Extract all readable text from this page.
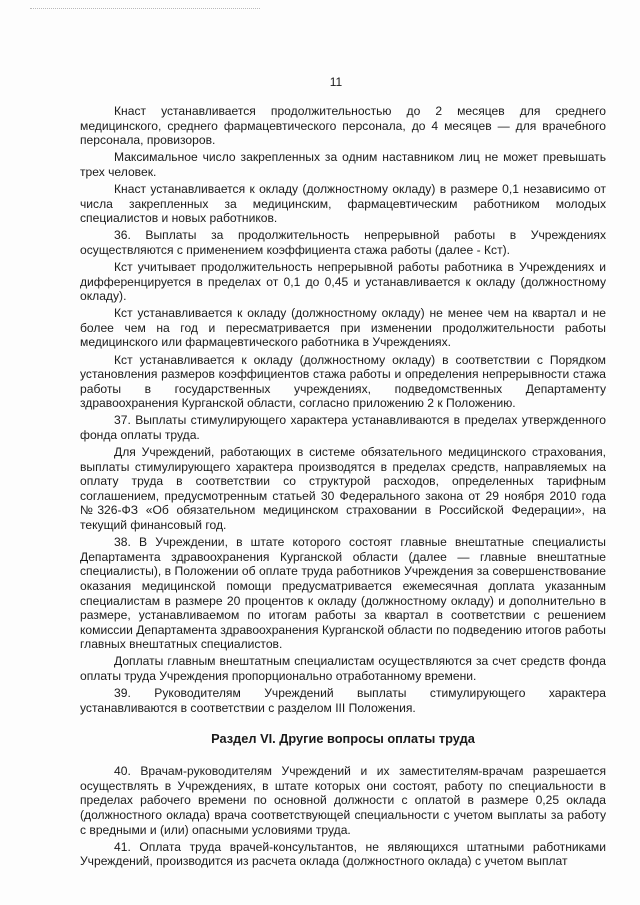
11

Кнаст устанавливается продолжительностью до 2 месяцев для среднего медицинского, среднего фармацевтического персонала, до 4 месяцев — для врачебного персонала, провизоров.

Максимальное число закрепленных за одним наставником лиц не может превышать трех человек.

Кнаст устанавливается к окладу (должностному окладу) в размере 0,1 независимо от числа закрепленных за медицинским, фармацевтическим работником молодых специалистов и новых работников.

36. Выплаты за продолжительность непрерывной работы в Учреждениях осуществляются с применением коэффициента стажа работы (далее - Кст).

Кст учитывает продолжительность непрерывной работы работника в Учреждениях и дифференцируется в пределах от 0,1 до 0,45 и устанавливается к окладу (должностному окладу).

Кст устанавливается к окладу (должностному окладу) не менее чем на квартал и не более чем на год и пересматривается при изменении продолжительности работы медицинского или фармацевтического работника в Учреждениях.

Кст устанавливается к окладу (должностному окладу) в соответствии с Порядком установления размеров коэффициентов стажа работы и определения непрерывности стажа работы в государственных учреждениях, подведомственных Департаменту здравоохранения Курганской области, согласно приложению 2 к Положению.

37. Выплаты стимулирующего характера устанавливаются в пределах утвержденного фонда оплаты труда.

Для Учреждений, работающих в системе обязательного медицинского страхования, выплаты стимулирующего характера производятся в пределах средств, направляемых на оплату труда в соответствии со структурой расходов, определенных тарифным соглашением, предусмотренным статьей 30 Федерального закона от 29 ноября 2010 года №326-ФЗ «Об обязательном медицинском страховании в Российской Федерации», на текущий финансовый год.

38. В Учреждении, в штате которого состоят главные внештатные специалисты Департамента здравоохранения Курганской области (далее — главные внештатные специалисты), в Положении об оплате труда работников Учреждения за совершенствование оказания медицинской помощи предусматривается ежемесячная доплата указанным специалистам в размере 20 процентов к окладу (должностному окладу) и дополнительно в размере, устанавливаемом по итогам работы за квартал в соответствии с решением комиссии Департамента здравоохранения Курганской области по подведению итогов работы главных внештатных специалистов.

Доплаты главным внештатным специалистам осуществляются за счет средств фонда оплаты труда Учреждения пропорционально отработанному времени.

39. Руководителям Учреждений выплаты стимулирующего характера устанавливаются в соответствии с разделом III Положения.

Раздел VI. Другие вопросы оплаты труда

40. Врачам-руководителям Учреждений и их заместителям-врачам разрешается осуществлять в Учреждениях, в штате которых они состоят, работу по специальности в пределах рабочего времени по основной должности с оплатой в размере 0,25 оклада (должностного оклада) врача соответствующей специальности с учетом выплаты за работу с вредными и (или) опасными условиями труда.

41. Оплата труда врачей-консультантов, не являющихся штатными работниками Учреждений, производится из расчета оклада (должностного оклада) с учетом выплат
